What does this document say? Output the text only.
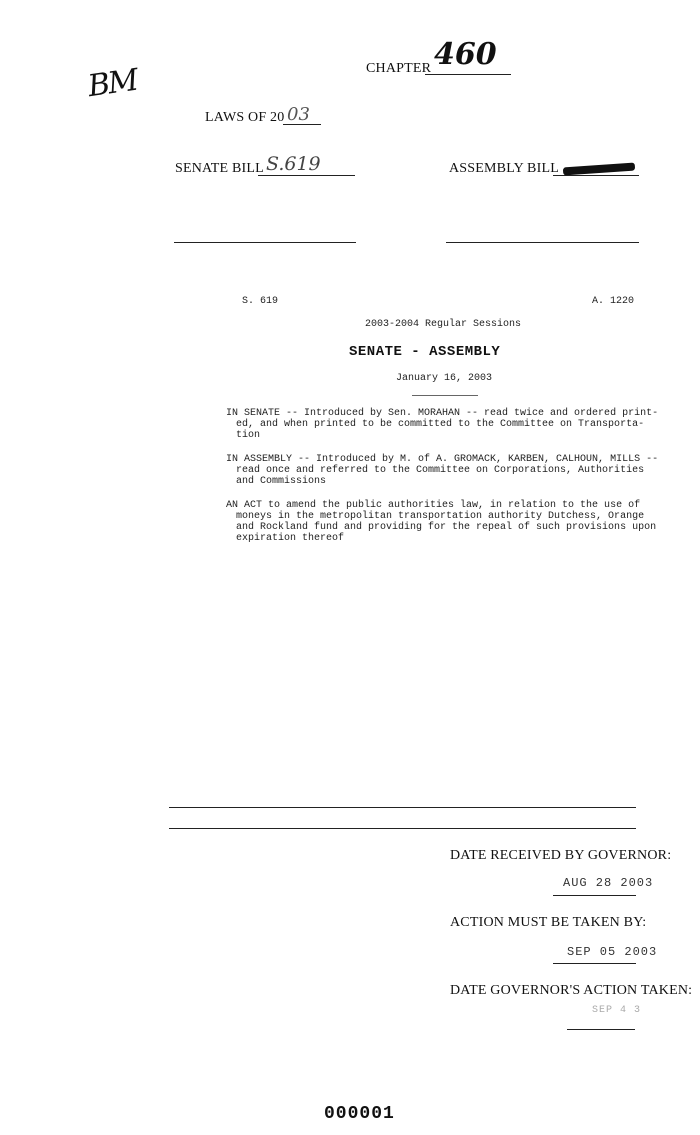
BM	CHAPTER 460
LAWS OF 20 03
SENATE BILL S.619	ASSEMBLY BILL
S. 619	A. 1220
2003-2004 Regular Sessions
SENATE - ASSEMBLY
January 16, 2003
IN SENATE -- Introduced by Sen. MORAHAN -- read twice and ordered print-
ed, and when printed to be committed to the Committee on Transporta- tion
IN ASSEMBLY -- Introduced by M. of A. GROMACK, KARBEN, CALHOUN, MILLS --
read once and referred to the Committee on Corporations, Authorities and Commissions
AN ACT to amend the public authorities law, in relation to the use of
moneys in the metropolitan transportation authority Dutchess, Orange and Rockland fund and providing for the repeal of such provisions upon expiration thereof
DATE RECEIVED BY GOVERNOR:
AUG 28 2003
ACTION MUST BE TAKEN BY:
SEP 05 2003
DATE GOVERNOR'S ACTION TAKEN:
SEP 4 3
000001
